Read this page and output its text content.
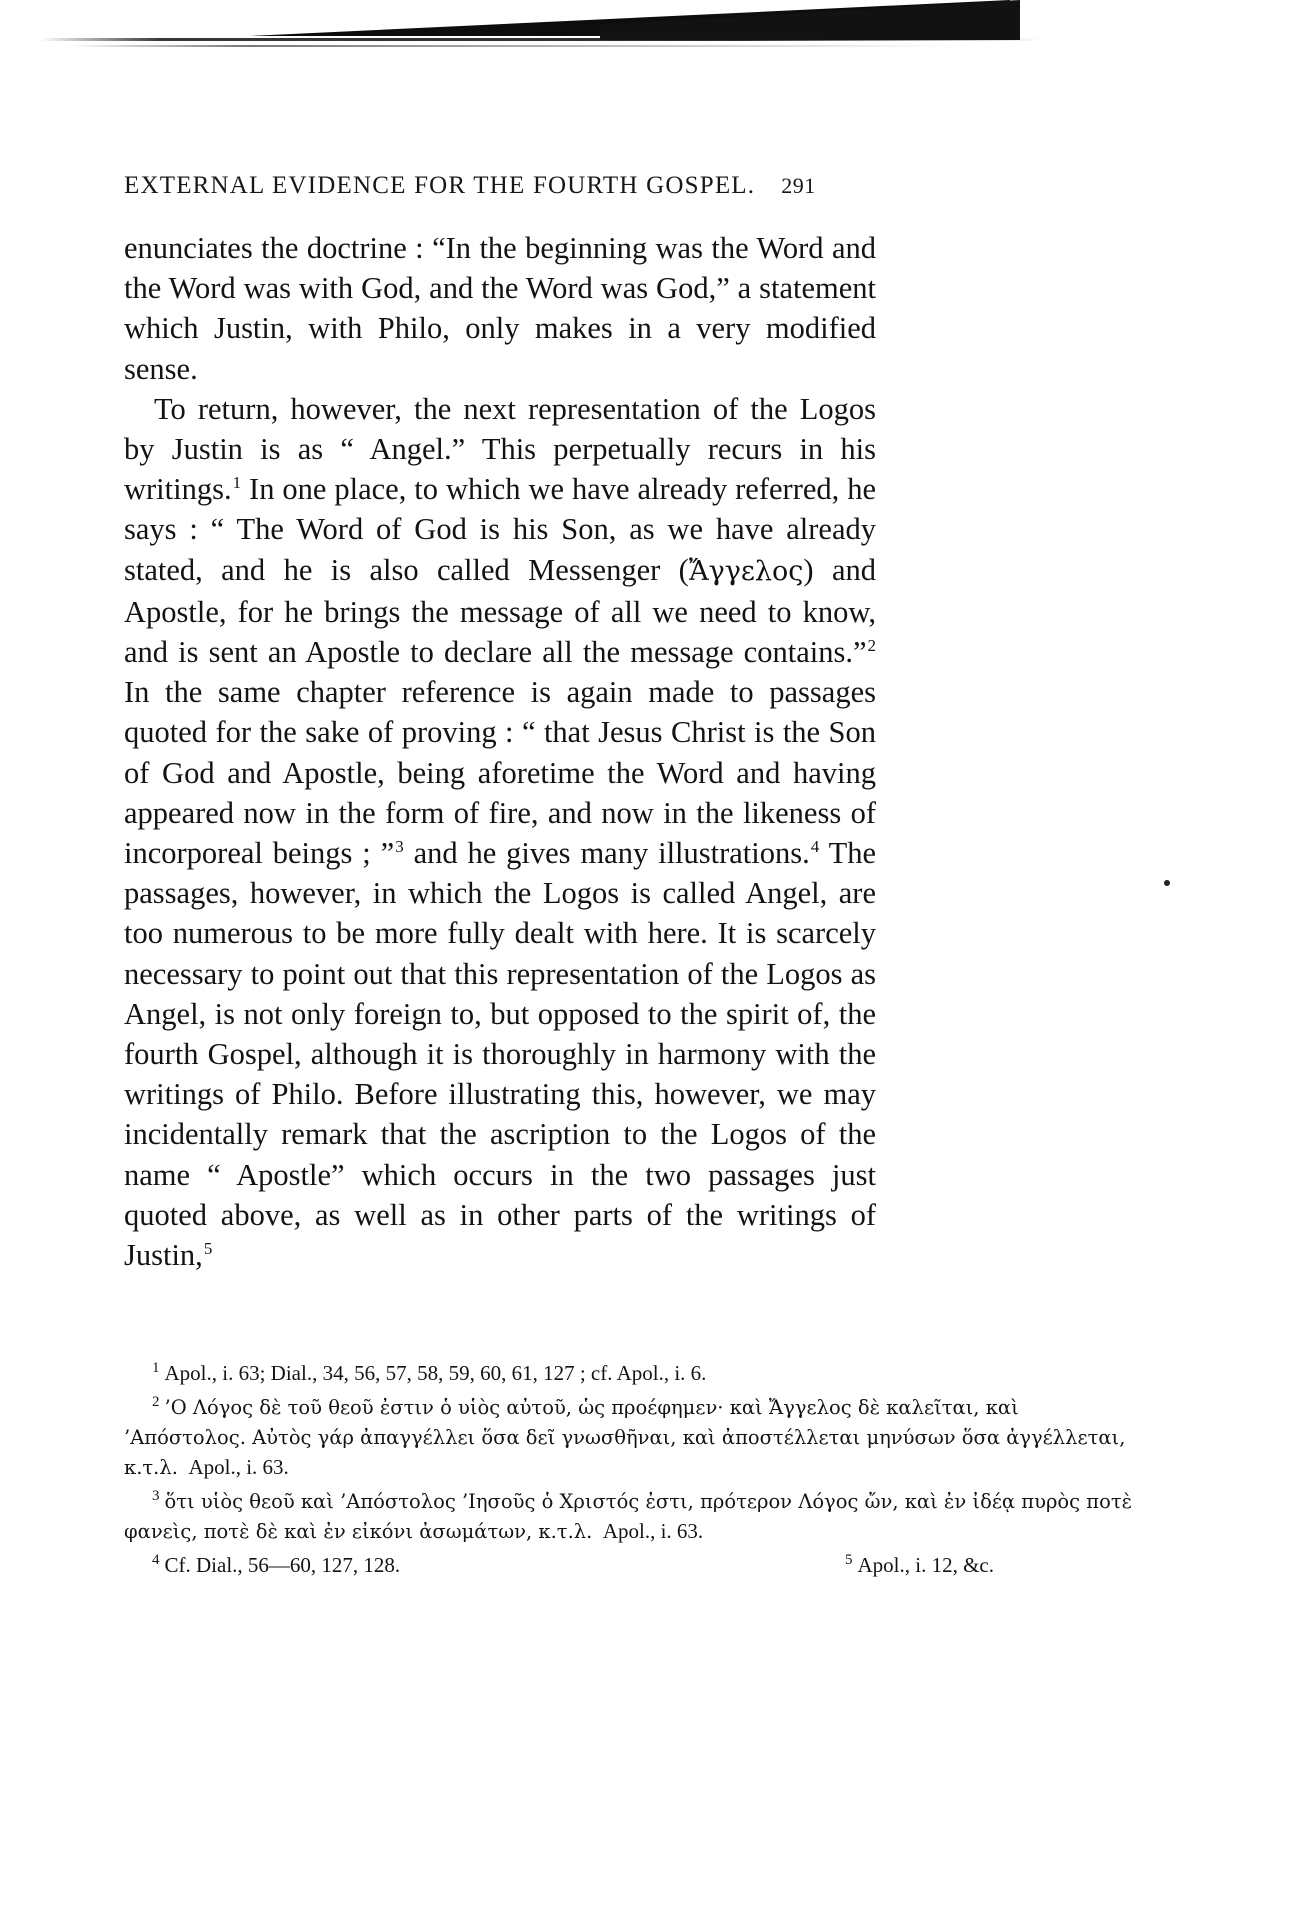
EXTERNAL EVIDENCE FOR THE FOURTH GOSPEL. 291

enunciates the doctrine : “In the beginning was the Word and the Word was with God, and the Word was God,” a statement which Justin, with Philo, only makes in a very modified sense.

To return, however, the next representation of the Logos by Justin is as “ Angel.” This perpetually recurs in his writings.$^1$ In one place, to which we have already referred, he says : “ The Word of God is his Son, as we have already stated, and he is also called Messenger (Ἄγγελος) and Apostle, for he brings the message of all we need to know, and is sent an Apostle to declare all the message contains.”$^2$ In the same chapter reference is again made to passages quoted for the sake of proving : “ that Jesus Christ is the Son of God and Apostle, being aforetime the Word and having appeared now in the form of fire, and now in the likeness of incorporeal beings ; ”$^3$ and he gives many illustrations.$^4$ The passages, however, in which the Logos is called Angel, are too numerous to be more fully dealt with here. It is scarcely necessary to point out that this representation of the Logos as Angel, is not only foreign to, but opposed to the spirit of, the fourth Gospel, although it is thoroughly in harmony with the writings of Philo. Before illustrating this, however, we may incidentally remark that the ascription to the Logos of the name “ Apostle” which occurs in the two passages just quoted above, as well as in other parts of the writings of Justin,$^5$

$^1$ Apol., i. 63; Dial., 34, 56, 57, 58, 59, 60, 61, 127 ; cf. Apol., i. 6.

$^2$ ’O Λόγος δὲ τοῦ θεοῦ ἐστιν ὁ υἱὸς αὐτοῦ, ὡς προέφημεν· καὶ Ἄγγελος δὲ καλεῖται, καὶ ’Απόστολος. Αὐτὸς γάρ ἀπαγγέλλει ὅσα δεῖ γνωσθῆναι, καὶ ἀποστέλλεται μηνύσων ὅσα ἀγγέλλεται, κ.τ.λ. Apol., i. 63.

$^3$ ὅτι υἱὸς θεοῦ καὶ ’Απόστολος ’Ιησοῦς ὁ Χριστός ἐστι, πρότερον Λόγος ὤν, καὶ ἐν ἰδέᾳ πυρὸς ποτὲ φανεὶς, ποτὲ δὲ καὶ ἐν εἰκόνι ἀσωμάτων, κ.τ.λ. Apol., i. 63.

$^4$ Cf. Dial., 56—60, 127, 128.	$^5$ Apol., i. 12, &c.
